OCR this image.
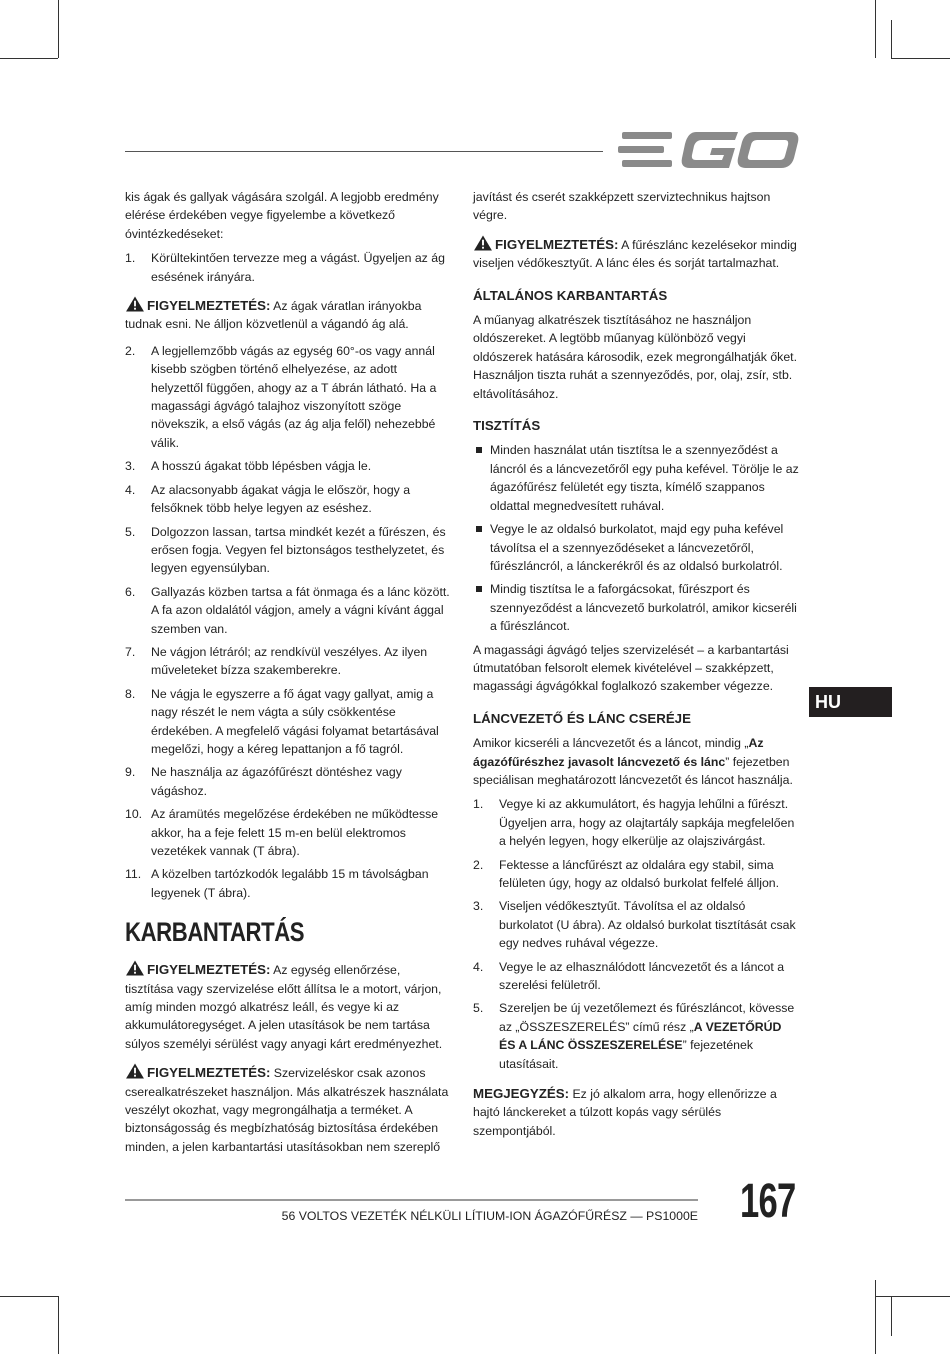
kis ágak és gallyak vágására szolgál. A legjobb eredmény elérése érdekében vegye figyelembe a következő óvintézkedéseket:

1.	Körültekintően tervezze meg a vágást. Ügyeljen az ág esésének irányára.

FIGYELMEZTETÉS: Az ágak váratlan irányokba tudnak esni. Ne álljon közvetlenül a vágandó ág alá.

2.	A legjellemzőbb vágás az egység 60°-os vagy annál kisebb szögben történő elhelyezése, az adott helyzettől függően, ahogy az a T ábrán látható. Ha a magassági ágvágó talajhoz viszonyított szöge növekszik, a első vágás (az ág alja felől) nehezebbé válik.
3.	A hosszú ágakat több lépésben vágja le.
4.	Az alacsonyabb ágakat vágja le először, hogy a felsőknek több helye legyen az eséshez.
5.	Dolgozzon lassan, tartsa mindkét kezét a fűrészen, és erősen fogja. Vegyen fel biztonságos testhelyzetet, és legyen egyensúlyban.
6.	Gallyazás közben tartsa a fát önmaga és a lánc között. A fa azon oldalától vágjon, amely a vágni kívánt ággal szemben van.
7.	Ne vágjon létráról; az rendkívül veszélyes. Az ilyen műveleteket bízza szakemberekre.
8.	Ne vágja le egyszerre a fő ágat vagy gallyat, amig a nagy részét le nem vágta a súly csökkentése érdekében. A megfelelő vágási folyamat betartásával megelőzi, hogy a kéreg lepattanjon a fő tagról.
9.	Ne használja az ágazófűrészt döntéshez vagy vágáshoz.
10. Az áramütés megelőzése érdekében ne működtesse akkor, ha a feje felett 15 m-en belül elektromos vezetékek vannak (T ábra).
11. A közelben tartózkodók legalább 15 m távolságban legyenek (T ábra).
KARBANTARTÁS

FIGYELMEZTETÉS: Az egység ellenőrzése, tisztítása vagy szervizelése előtt állítsa le a motort, várjon, amíg minden mozgó alkatrész leáll, és vegye ki az akkumulátoregységet. A jelen utasítások be nem tartása súlyos személyi sérülést vagy anyagi kárt eredményezhet.

FIGYELMEZTETÉS: Szervizeléskor csak azonos cserealkatrészeket használjon. Más alkatrészek használata veszélyt okozhat, vagy megrongálhatja a terméket. A biztonságosság és megbízhatóság biztosítása érdekében minden, a jelen karbantartási utasításokban nem szereplő

javítást és cserét szakképzett szerviztechnikus hajtson végre.

FIGYELMEZTETÉS: A fűrészlánc kezelésekor mindig viseljen védőkesztyűt. A lánc éles és sorját tartalmazhat.

ÁLTALÁNOS KARBANTARTÁS

A műanyag alkatrészek tisztításához ne használjon oldószereket. A legtöbb műanyag különböző vegyi oldószerek hatására károsodik, ezek megrongálhatják őket. Használjon tiszta ruhát a szennyeződés, por, olaj, zsír, stb. eltávolításához.

TISZTÍTÁS
Minden használat után tisztítsa le a szennyeződést a láncról és a láncvezetőről egy puha kefével. Törölje le az ágazófűrész felületét egy tiszta, kímélő szappanos oldattal megnedvesített ruhával.
Vegye le az oldalsó burkolatot, majd egy puha kefével távolítsa el a szennyeződéseket a láncvezetőről, fűrészláncról, a lánckerékről és az oldalsó burkolatról.
Mindig tisztítsa le a faforgácsokat, fűrészport és szennyeződést a láncvezető burkolatról, amikor kicseréli a fűrészláncot.

A magassági ágvágó teljes szervizelését – a karbantartási útmutatóban felsorolt elemek kivételével – szakképzett, magassági ágvágókkal foglalkozó szakember végezze.

LÁNCVEZETŐ ÉS LÁNC CSERÉJE

Amikor kicseréli a láncvezetőt és a láncot, mindig „Az ágazófűrészhez javasolt láncvezető és lánc” fejezetben speciálisan meghatározott láncvezetőt és láncot használja.

1.	Vegye ki az akkumulátort, és hagyja lehűlni a fűrészt. Ügyeljen arra, hogy az olajtartály sapkája megfelelően a helyén legyen, hogy elkerülje az olajszivárgást.
2.	Fektesse a láncfűrészt az oldalára egy stabil, sima felületen úgy, hogy az oldalsó burkolat felfelé álljon.
3.	Viseljen védőkesztyűt. Távolítsa el az oldalsó burkolatot (U ábra). Az oldalsó burkolat tisztítását csak egy nedves ruhával végezze.
4.	Vegye le az elhasználódott láncvezetőt és a láncot a szerelési felületről.
5.	Szereljen be új vezetőlemezt és fűrészláncot, kövesse az „ÖSSZESZERELÉS” című rész „A VEZETŐRÚD ÉS A LÁNC ÖSSZESZERELÉSE” fejezetének utasításait.

MEGJEGYZÉS: Ez jó alkalom arra, hogy ellenőrizze a hajtó lánckereket a túlzott kopás vagy sérülés szempontjából.

HU
56 VOLTOS VEZETÉK NÉLKÜLI LÍTIUM-ION ÁGAZÓFŰRÉSZ — PS1000E 167
